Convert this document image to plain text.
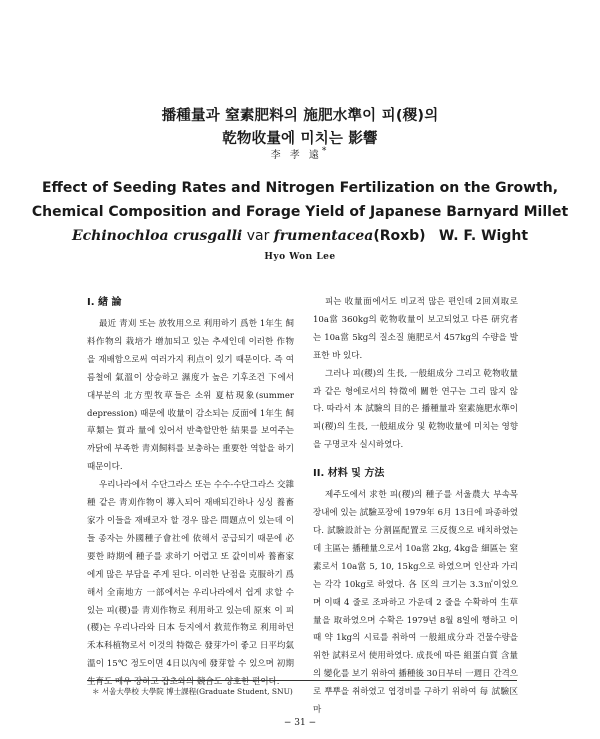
播種量과 窒素肥料의 施肥水準이 피(稷)의
乾物收量에 미치는 影響
李 孝 遠*
Effect of Seeding Rates and Nitrogen Fertilization on the Growth,
Chemical Composition and Forage Yield of Japanese Barnyard Millet
Echinochloa crusgalli var frumentacea(Roxb) W. F. Wight
Hyo Won Lee
I. 緖 論

最近 靑刈 또는 放牧用으로 利用하기 爲한 1年生 飼料作物의 栽培가 增加되고 있는 추세인데 이러한 作物을 재배함으로써 여러가지 利点이 있기 때문이다. 즉 여름철에 氣溫이 상승하고 濕度가 높은 기후조건 下에서 대부분의 北方型牧草들은 소위 夏枯現象(summer depression) 때문에 收量이 감소되는 反面에 1年生 飼草類는 質과 量에 있어서 반축할만한 結果를 보여주는 까닭에 부족한 靑刈飼料를 보충하는 重要한 역할을 하기 때문이다.

우리나라에서 수단그라스 또는 수수-수단그라스 交雜種 같은 靑刈作物이 導入되어 재배되긴하나 싱싱 養畜家가 이들을 재배코자 할 경우 많은 問題点이 있는데 이들 종자는 外國種子會社에 依해서 공급되기 때문에 必要한 時期에 種子를 求하기 어렵고 또 값이비싸 養畜家에게 많은 부담을 주게 된다. 이러한 난점을 克服하기 爲해서 全南地方 一部에서는 우리나라에서 쉽게 求할 수 있는 피(稷)를 靑刈作物로 利用하고 있는데 原來 이 피(稷)는 우리나라와 日本 등지에서 救荒作物로 利用하던 禾本科植物로서 이것의 特徵은 發芽가이 좋고 日平均氣溫이 15℃ 정도이면 4日以內에 發芽할 수 있으며 初期生育도 매우 강하고 잡초와의 競合도 양호한 편이다.

피는 收量面에서도 비교적 많은 편인데 2回刈取로 10a當 360kg의 乾物收量이 보고되었고 다른 研究者는 10a當 5kg의 질소질 施肥로서 457kg의 수량을 발표한 바 있다.

그러나 피(稷)의 生長, 一般組成分 그리고 乾物收量과 같은 형에로서의 特徵에 關한 연구는 그리 많지 않다. 따라서 本 試驗의 目的은 播種量과 窒素施肥水準이 피(稷)의 生長, 一般組成分 및 乾物收量에 미치는 영향을 구명코자 실시하였다.

II. 材料 및 方法

제주도에서 求한 피(稷)의 種子를 서울農大 부속목장내에 있는 試驗포장에 1979年 6月 13日에 파종하였다. 試驗設計는 分割區配置로 三反復으로 배치하였는데 主區는 播種量으로서 10a當 2kg, 4kg을 細區는 窒素로서 10a當 5, 10, 15kg으로 하였으며 인산과 가리는 각각 10kg로 하였다. 各 区의 크기는 3.3㎡이었으며 이때 4 줄로 조파하고 가운데 2 줄을 수확하여 生草量을 取하였으며 수확은 1979년 8월 8일에 행하고 이때 약 1kg의 시료를 취하여 一般組成分과 건물수량을 위한 試料로서 使用하였다. 成長에 따른 組蛋白質 含量의 變化를 보기 위하여 播種後 30日부터 一週日 간격으로 뿌뿌을 취하였고 엽경비를 구하기 위하여 每 試驗区마

＊ 서울大學校 大學院 博士課程(Graduate Student, SNU)
− 31 −
